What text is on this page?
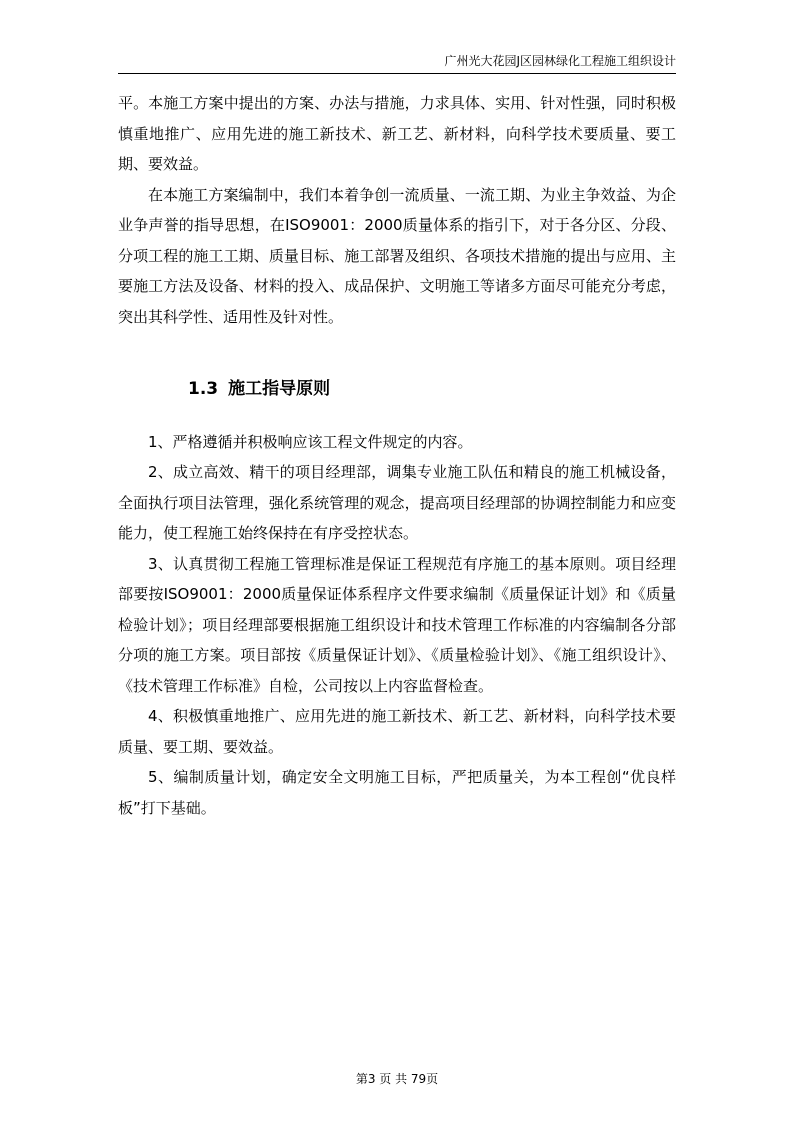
广州光大花园J区园林绿化工程施工组织设计

平。本施工方案中提出的方案、办法与措施，力求具体、实用、针对性强，同时积极慎重地推广、应用先进的施工新技术、新工艺、新材料，向科学技术要质量、要工期、要效益。

在本施工方案编制中，我们本着争创一流质量、一流工期、为业主争效益、为企业争声誉的指导思想，在ISO9001：2000质量体系的指引下，对于各分区、分段、分项工程的施工工期、质量目标、施工部署及组织、各项技术措施的提出与应用、主要施工方法及设备、材料的投入、成品保护、文明施工等诸多方面尽可能充分考虑，突出其科学性、适用性及针对性。

1.3 施工指导原则

1、严格遵循并积极响应该工程文件规定的内容。

2、成立高效、精干的项目经理部，调集专业施工队伍和精良的施工机械设备，全面执行项目法管理，强化系统管理的观念，提高项目经理部的协调控制能力和应变能力，使工程施工始终保持在有序受控状态。

3、认真贯彻工程施工管理标准是保证工程规范有序施工的基本原则。项目经理部要按ISO9001：2000质量保证体系程序文件要求编制《质量保证计划》和《质量检验计划》；项目经理部要根据施工组织设计和技术管理工作标准的内容编制各分部分项的施工方案。项目部按《质量保证计划》、《质量检验计划》、《施工组织设计》、《技术管理工作标准》自检，公司按以上内容监督检查。

4、积极慎重地推广、应用先进的施工新技术、新工艺、新材料，向科学技术要质量、要工期、要效益。

5、编制质量计划，确定安全文明施工目标，严把质量关，为本工程创“优良样板”打下基础。

第3 页 共 79页
